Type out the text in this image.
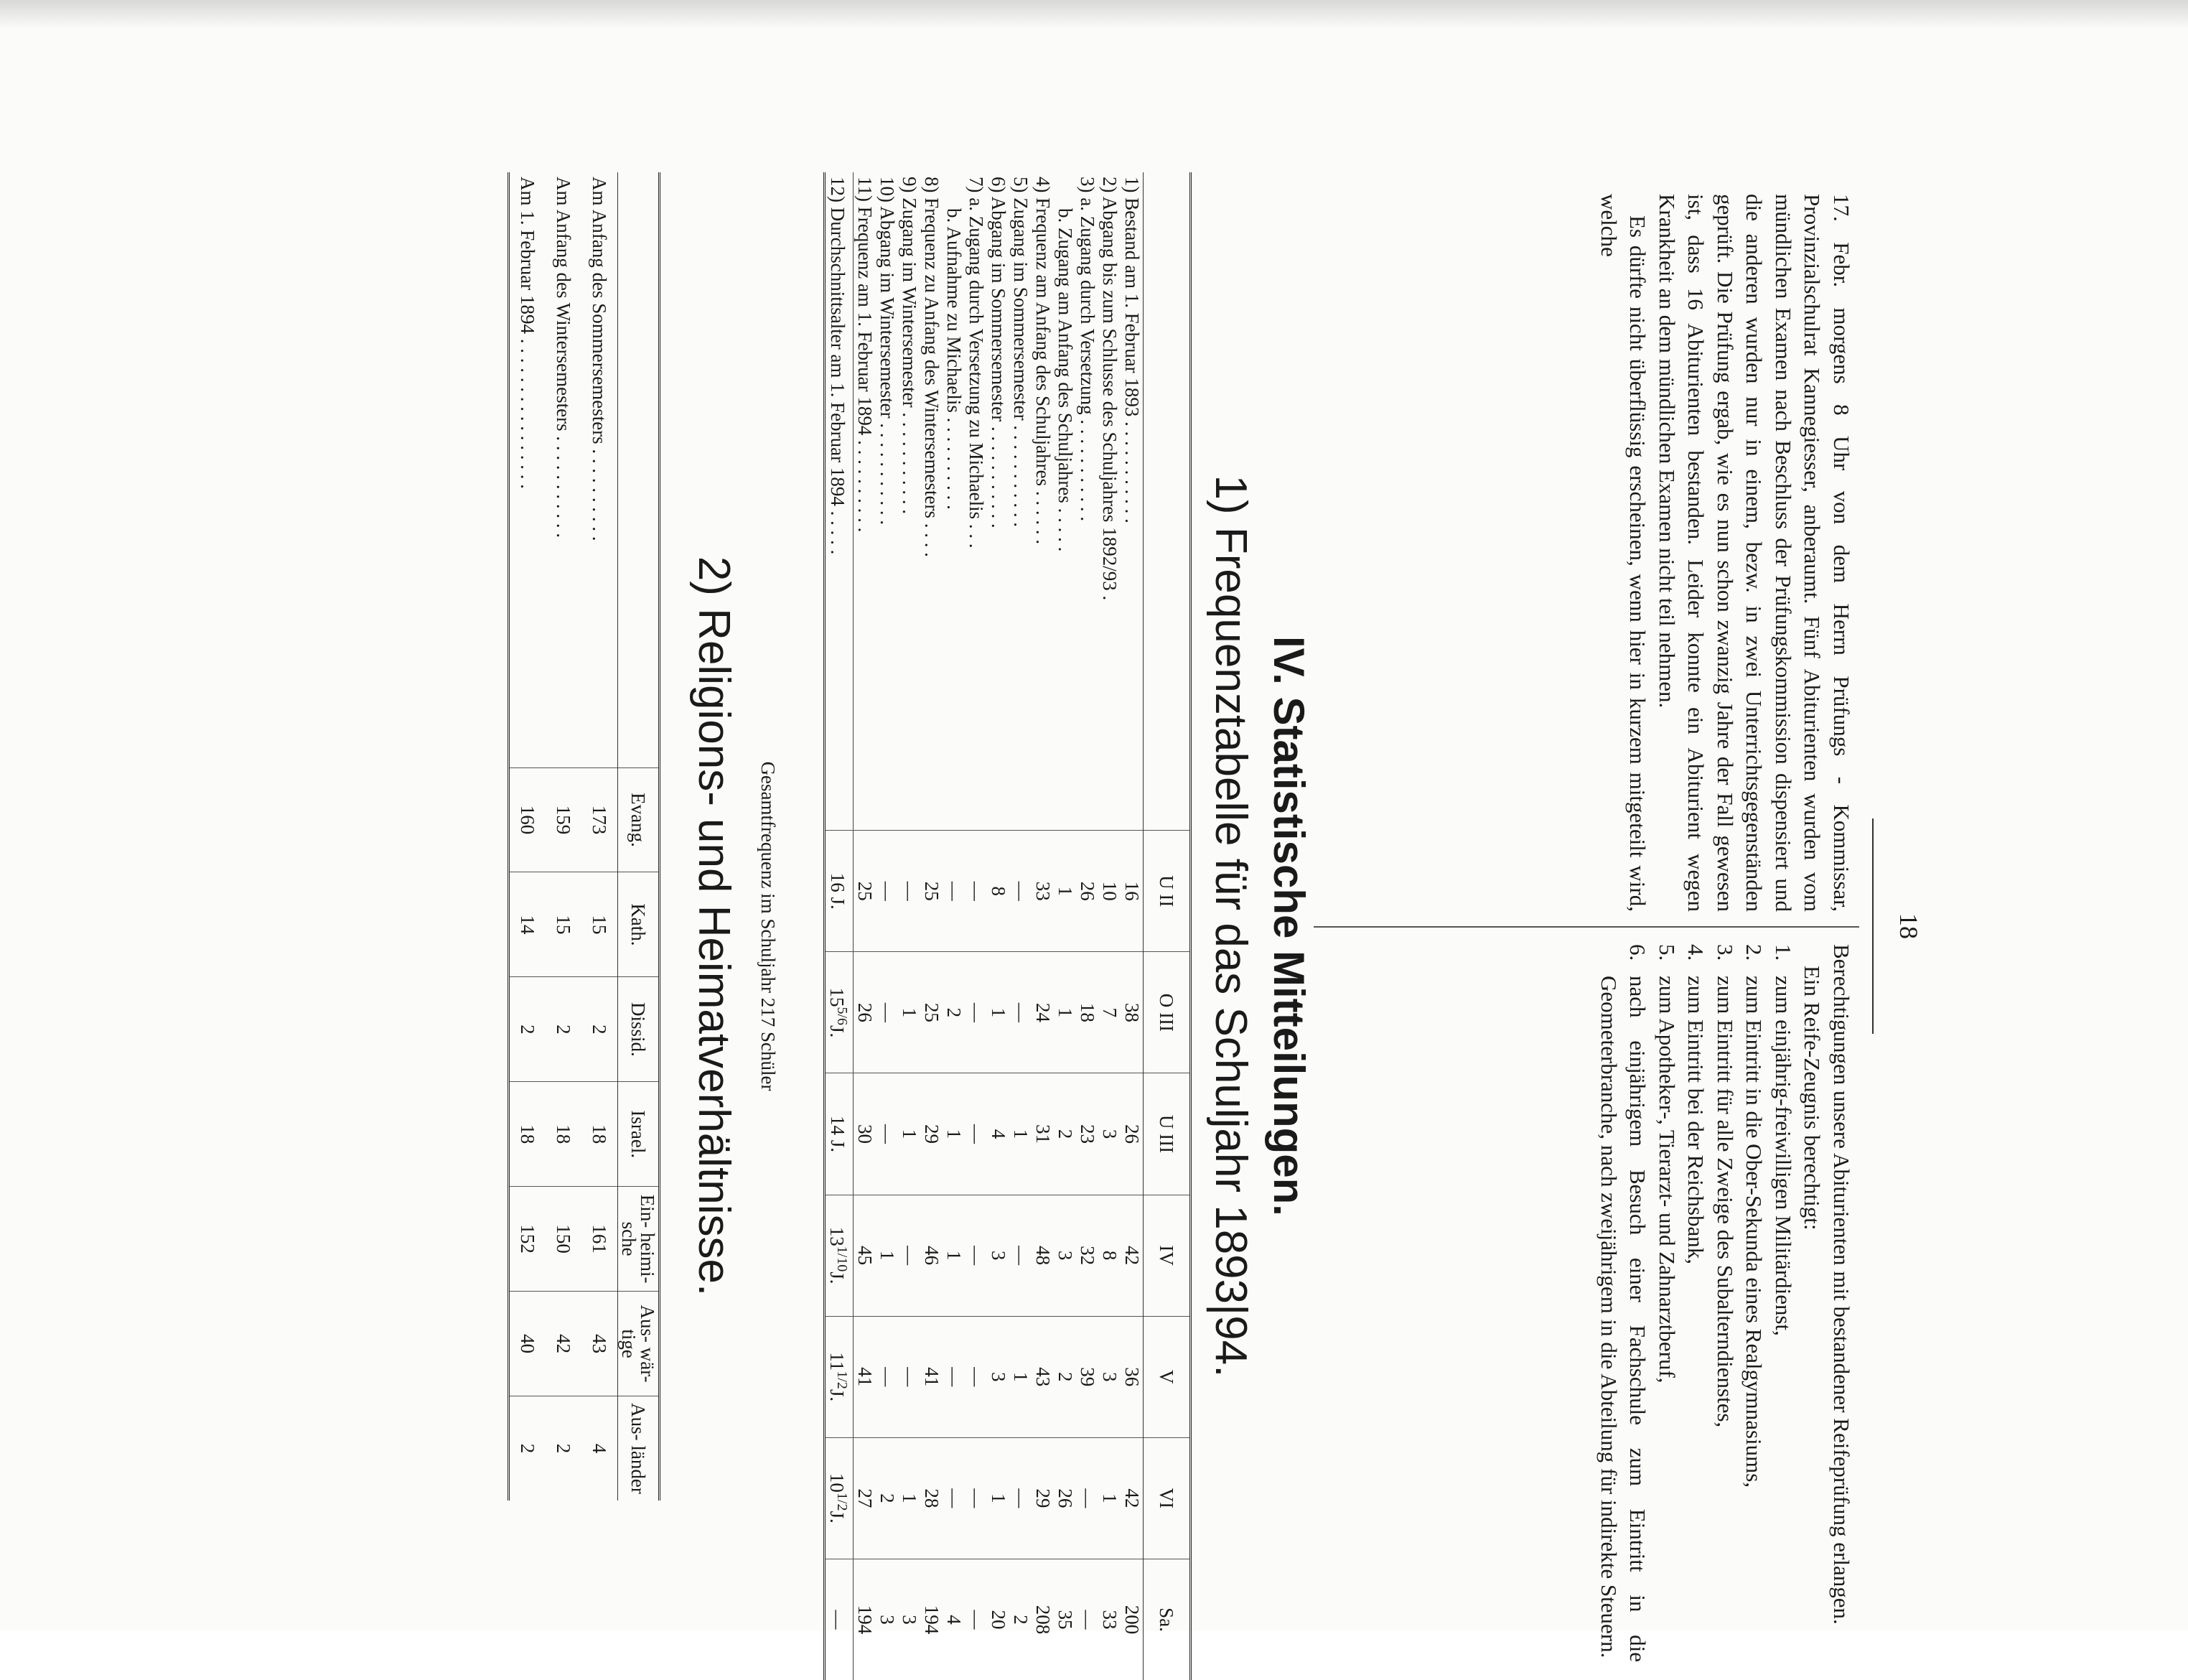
18

17. Febr. morgens 8 Uhr von dem Herrn Prüfungs - Kommissar, Provinzialschulrat Kannegiesser, anberaumt. Fünf Abiturienten wurden vom mündlichen Examen nach Beschluss der Prüfungskommission dispensiert und die anderen wurden nur in einem, bezw. in zwei Unterrichtsgegenständen geprüft. Die Prüfung ergab, wie es nun schon zwanzig Jahre der Fall gewesen ist, dass 16 Abiturienten bestanden. Leider konnte ein Abiturient wegen Krankheit an dem mündlichen Examen nicht teil nehmen.

Es dürfte nicht überflüssig erscheinen, wenn hier in kurzem mitgeteilt wird, welche

Berechtigungen unsere Abiturienten mit bestandener Reifeprüfung erlangen.

Ein Reife-Zeugnis berechtigt:

1.
zum einjährig-freiwilligen Militärdienst,
2.
zum Eintritt in die Ober-Sekunda eines Realgymnasiums,
3.
zum Eintritt für alle Zweige des Subalterndienstes,
4.
zum Eintritt bei der Reichsbank,
5.
zum Apotheker-, Tierarzt- und Zahnarztberuf,
6.
nach einjährigem Besuch einer Fachschule zum Eintritt in die Geometerbranche, nach zweijährigem in die Abteilung für indirekte Steuern.
IV. Statistische Mitteilungen.
1) Frequenztabelle für das Schuljahr 1893|94.
	U II	O III	U III	IV	V	VI	Sa.
1) Bestand am 1. Februar 1893 . . . . . . . . . . .	16	38	26	42	36	42	200
2) Abgang bis zum Schlusse des Schuljahres 1892/93 .	10	7	3	8	3	1	33
3) a. Zugang durch Versetzung . . . . . . . . . . .	26	18	23	32	39	—	—
b. Zugang am Anfang des Schuljahres . . . . .	1	1	2	3	2	26	35
4) Frequenz am Anfang des Schuljahres . . . . . .	33	24	31	48	43	29	208
5) Zugang im Sommersemester . . . . . . . . . . .	—	—	1	—	1	—	2
6) Abgang im Sommersemester . . . . . . . . . . .	8	1	4	3	3	1	20
7) a. Zugang durch Versetzung zu Michaelis . . .	—	—	—	—	—	—	—
b. Aufnahme zu Michaelis . . . . . . . . . .	—	2	1	1	—	—	4
8) Frequenz zu Anfang des Wintersemesters . . . .	25	25	29	46	41	28	194
9) Zugang im Wintersemester . . . . . . . . . . .	—	1	1	—	—	1	3
10) Abgang im Wintersemester . . . . . . . . . . .	—	—	—	1	—	2	3
11) Frequenz am 1. Februar 1894 . . . . . . . . . .	25	26	30	45	41	27	194
12) Durchschnittsalter am 1. Februar 1894 . . . . .	16 J.	$15^{5/6}J$.	14 J.	$13^{1/10}J$.	$11^{1/2}J$.	$10^{1/2}J$.	—
Gesamtfrequenz im Schuljahr 217 Schüler
2) Religions- und Heimatverhältnisse.
	Evang.	Kath.	Dissid.	Israel.	Ein- heimi- sche	Aus- wär- tige	Aus- länder
Am Anfang des Sommersemesters . . . . . . . . . .	173	15	2	18	161	43	4
Am Anfang des Wintersemesters . . . . . . . . . . .	159	15	2	18	150	42	2
Am 1. Februar 1894 . . . . . . . . . . . . . . . .	160	14	2	18	152	40	2
